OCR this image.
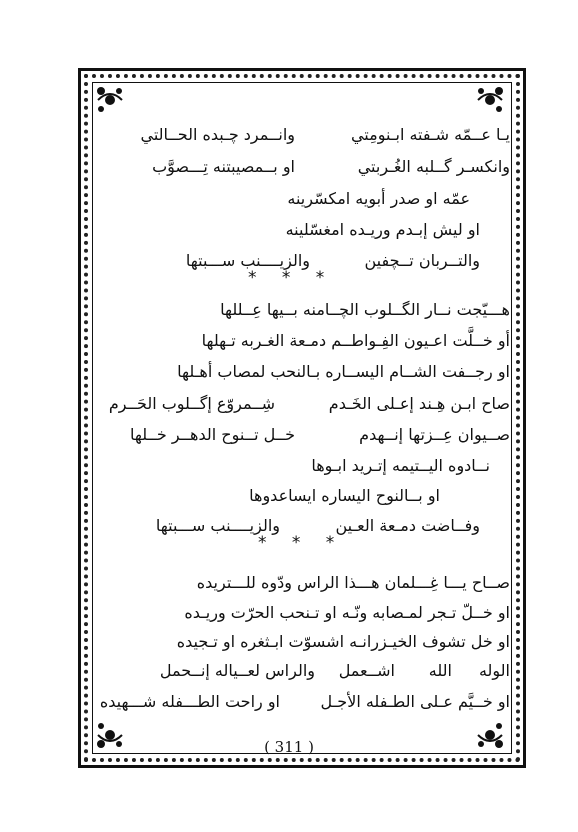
يـا عــمّه شـفته ابـنومِتي
وانــمرد چـبده الحــالتي
وانكسـر گــلبه الغُـربتي
او بــمصيبتنه تِـــصوَّب
عمّه او صدر أبويه امكسّرينه
او ليش إبـدم وريـده امغسّلينه
والتــربان تــچفين
والزيــــنب ســـبتها
* * *
هـــيّجت نــار الگــلوب الچــامنه بــيها عِــللها
أو خــلَّت اعـيون الفِـواطــم دمـعة الغـربه تـهلها
او رجــفت الشــام اليســاره بـالنحب لمصاب أهـلها
صاح ابـن هِـند إعـلى الخَـدم
شِــمروّع إگــلوب الحَــرم
صــيوان عِــزتها إنــهدم
خــل تــنوح الدهــر خــلها
نــادوه اليــتيمه إتـريد ابـوها
او بــالنوح اليساره ايساعدوها
وفــاضت دمـعة العـين
والزيــــنب ســـبتها
* * *
صــاح يـــا غِـــلمان هـــذا الراس ودّوه للـــتريده
او خــلّ تـجر لمـصابه ونّـه او تـنحب الحرّت وريـده
او خل تشوف الخيـزرانـه اشسوّت ابـثغره او تـجيده
الوله
الله
اشــعمل
والراس لعــياله إنــحمل
او خــيَّم عـلى الطـفله الأجـل
او راحت الطـــفله شـــهيده
( 311 )
